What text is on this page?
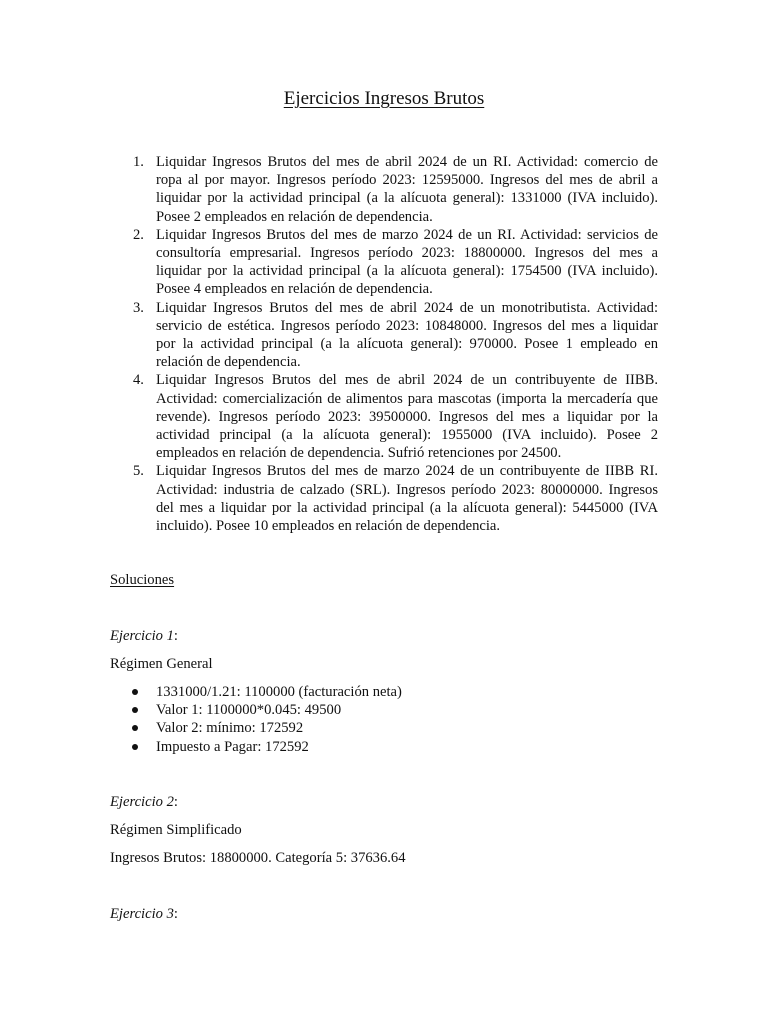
Ejercicios Ingresos Brutos
1. Liquidar Ingresos Brutos del mes de abril 2024 de un RI. Actividad: comercio de ropa al por mayor. Ingresos período 2023: 12595000. Ingresos del mes de abril a liquidar por la actividad principal (a la alícuota general): 1331000 (IVA incluido). Posee 2 empleados en relación de dependencia.
2. Liquidar Ingresos Brutos del mes de marzo 2024 de un RI. Actividad: servicios de consultoría empresarial. Ingresos período 2023: 18800000. Ingresos del mes a liquidar por la actividad principal (a la alícuota general): 1754500 (IVA incluido). Posee 4 empleados en relación de dependencia.
3. Liquidar Ingresos Brutos del mes de abril 2024 de un monotributista. Actividad: servicio de estética. Ingresos período 2023: 10848000. Ingresos del mes a liquidar por la actividad principal (a la alícuota general): 970000. Posee 1 empleado en relación de dependencia.
4. Liquidar Ingresos Brutos del mes de abril 2024 de un contribuyente de IIBB. Actividad: comercialización de alimentos para mascotas (importa la mercadería que revende). Ingresos período 2023: 39500000. Ingresos del mes a liquidar por la actividad principal (a la alícuota general): 1955000 (IVA incluido). Posee 2 empleados en relación de dependencia. Sufrió retenciones por 24500.
5. Liquidar Ingresos Brutos del mes de marzo 2024 de un contribuyente de IIBB RI. Actividad: industria de calzado (SRL). Ingresos período 2023: 80000000. Ingresos del mes a liquidar por la actividad principal (a la alícuota general): 5445000 (IVA incluido). Posee 10 empleados en relación de dependencia.
Soluciones
Ejercicio 1:
Régimen General
1331000/1.21: 1100000 (facturación neta)
Valor 1: 1100000*0.045: 49500
Valor 2: mínimo: 172592
Impuesto a Pagar: 172592
Ejercicio 2:
Régimen Simplificado
Ingresos Brutos: 18800000. Categoría 5: 37636.64
Ejercicio 3:
